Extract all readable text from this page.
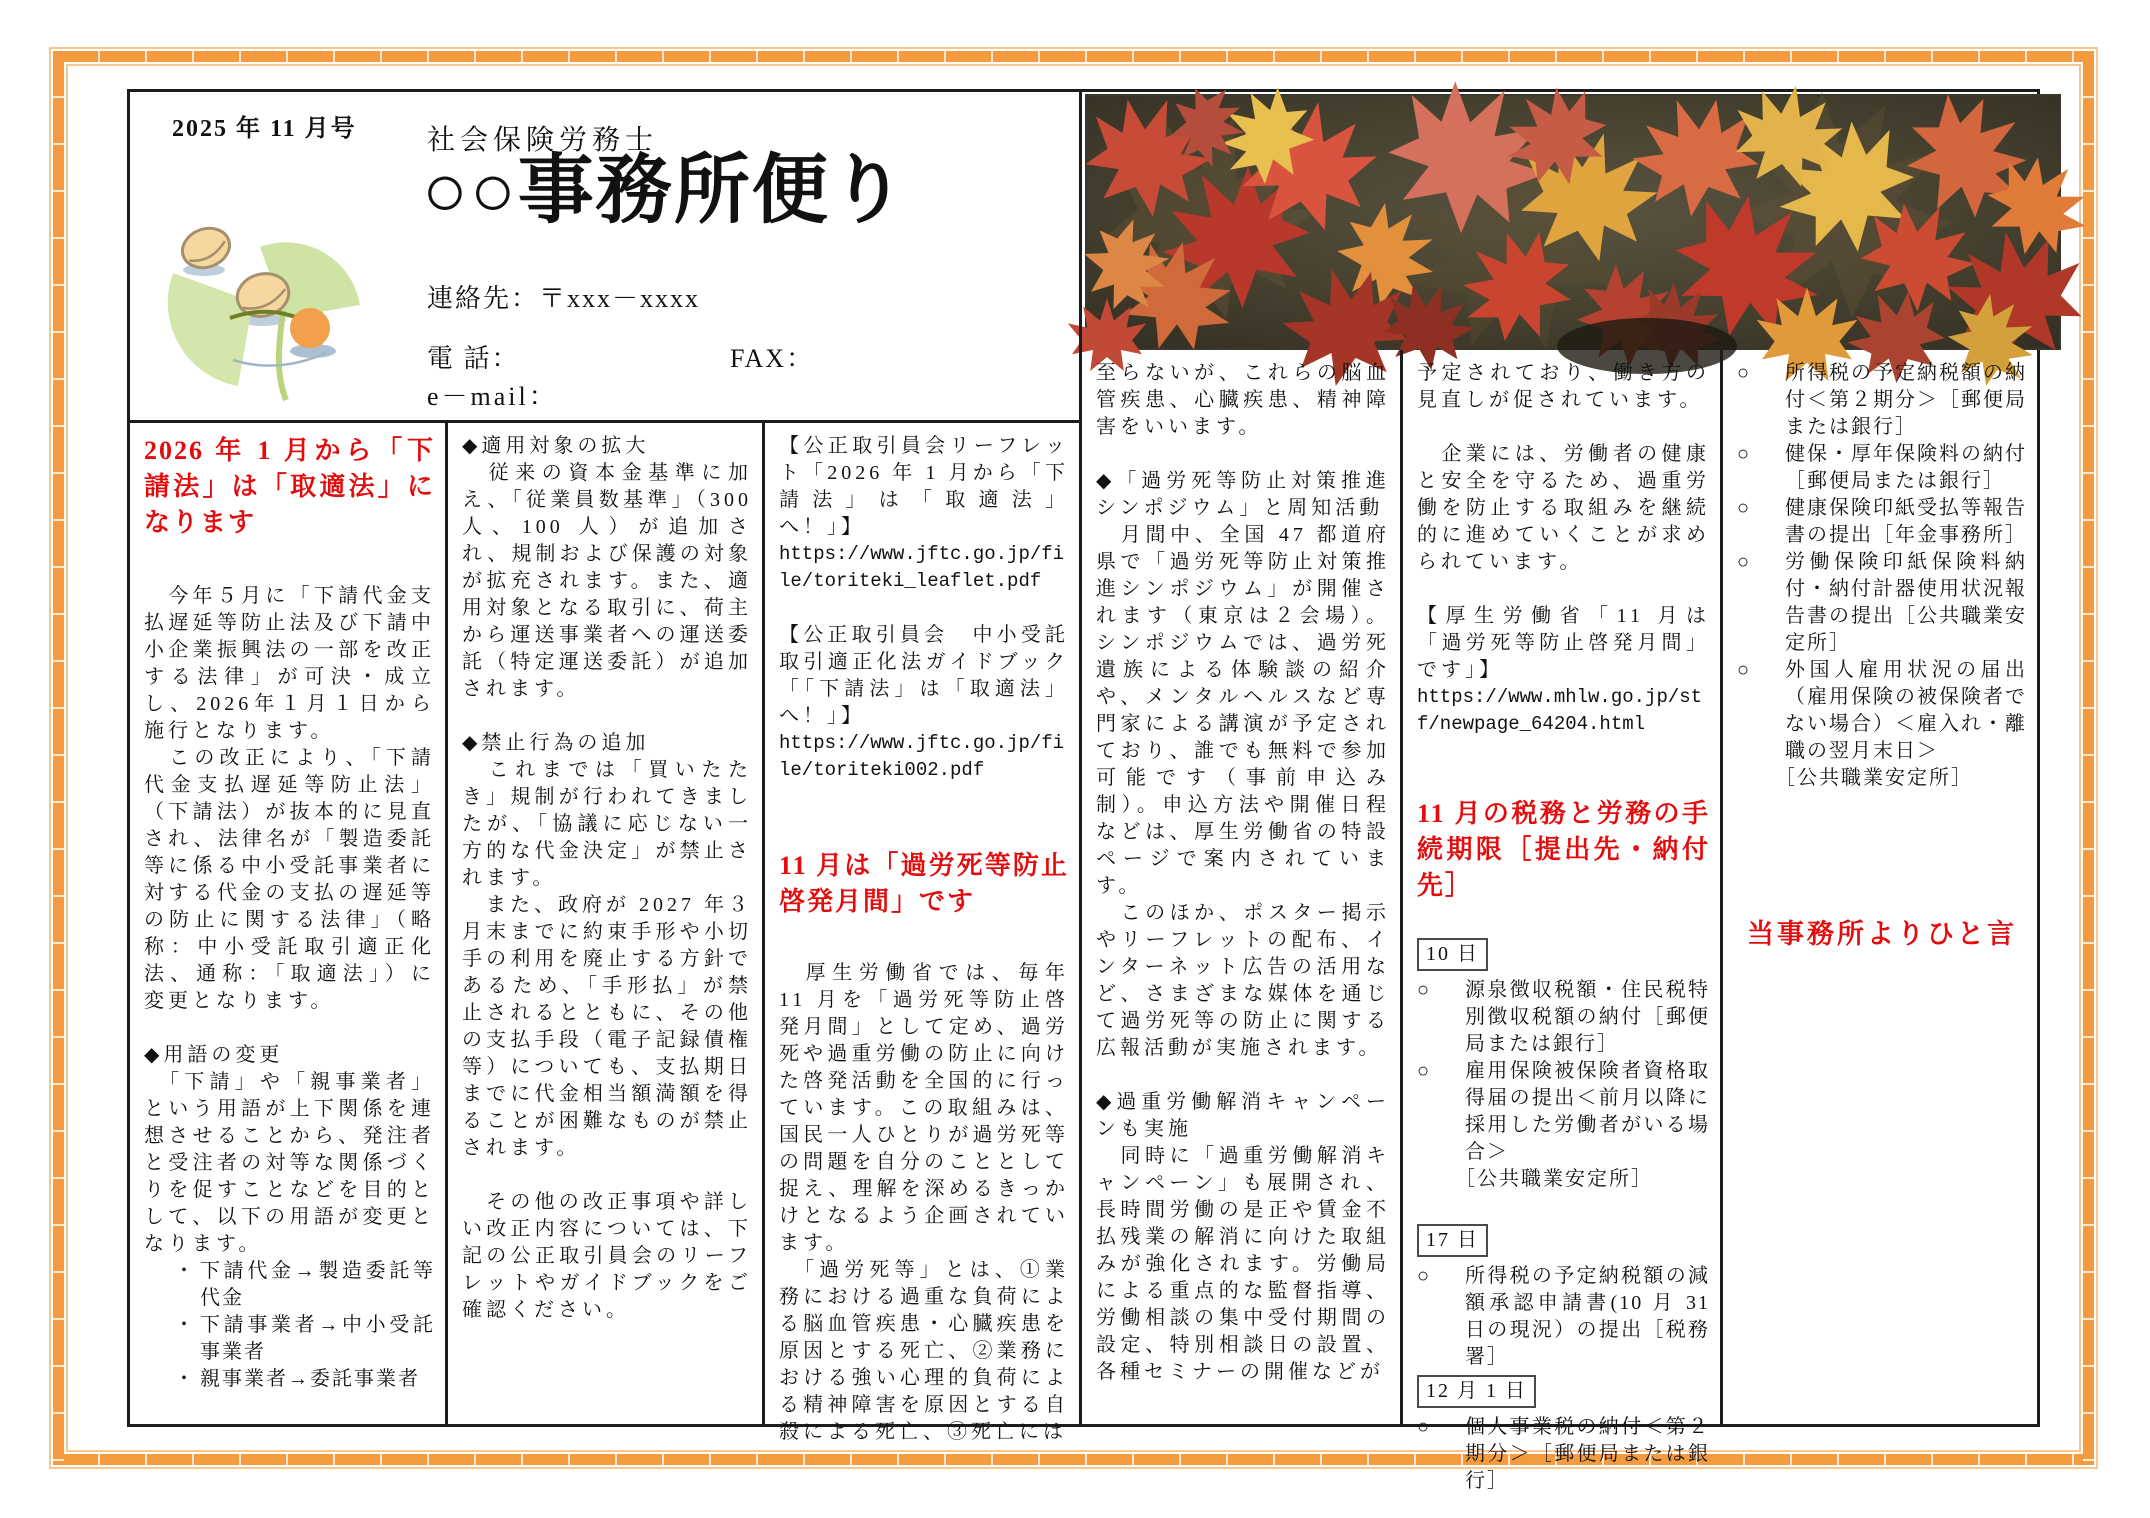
2025 年 11 月号	社会保険労務士
○○事務所便り
連絡先：〒xxx－xxxx
電 話：	FAX：
e－mail：

2026 年 1 月から「下請法」は「取適法」になります

　今年５月に「下請代金支払遅延等防止法及び下請中小企業振興法の一部を改正する法律」が可決・成立し、2026年１月１日から施行となります。

　この改正により、「下請代金支払遅延等防止法」（下請法）が抜本的に見直され、法律名が「製造委託等に係る中小受託事業者に対する代金の支払の遅延等の防止に関する法律」（略称：中小受託取引適正化法、通称：「取適法」）に変更となります。

◆用語の変更

　「下請」や「親事業者」という用語が上下関係を連想させることから、発注者と受注者の対等な関係づくりを促すことなどを目的として、以下の用語が変更となります。

・ 下請代金→製造委託等代金
・ 下請事業者→中小受託事業者
・ 親事業者→委託事業者

◆適用対象の拡大

　従来の資本金基準に加え、「従業員数基準」（300 人、100 人）が追加され、規制および保護の対象が拡充されます。また、適用対象となる取引に、荷主から運送事業者への運送委託（特定運送委託）が追加されます。

◆禁止行為の追加

　これまでは「買いたたき」規制が行われてきましたが、「協議に応じない一方的な代金決定」が禁止されます。

　また、政府が 2027 年３月末までに約束手形や小切手の利用を廃止する方針であるため、「手形払」が禁止されるとともに、その他の支払手段（電子記録債権等）についても、支払期日までに代金相当額満額を得ることが困難なものが禁止されます。

　その他の改正事項や詳しい改正内容については、下記の公正取引員会のリーフレットやガイドブックをご確認ください。

【公正取引員会リーフレット「2026 年 1 月から「下請法」は「取適法」へ！」】

https://www.jftc.go.jp/file/toriteki_leaflet.pdf

【公正取引員会　中小受託取引適正化法ガイドブック「「下請法」は「取適法」へ！」】

https://www.jftc.go.jp/file/toriteki002.pdf

11 月は「過労死等防止啓発月間」です

　厚生労働省では、毎年 11 月を「過労死等防止啓発月間」として定め、過労死や過重労働の防止に向けた啓発活動を全国的に行っています。この取組みは、国民一人ひとりが過労死等の問題を自分のこととして捉え、理解を深めるきっかけとなるよう企画されています。

　「過労死等」とは、①業務における過重な負荷による脳血管疾患・心臓疾患を原因とする死亡、②業務における強い心理的負荷による精神障害を原因とする自殺による死亡、③死亡には

至らないが、これらの脳血管疾患、心臓疾患、精神障害をいいます。

◆「過労死等防止対策推進シンポジウム」と周知活動

　月間中、全国 47 都道府県で「過労死等防止対策推進シンポジウム」が開催されます（東京は２会場）。シンポジウムでは、過労死遺族による体験談の紹介や、メンタルヘルスなど専門家による講演が予定されており、誰でも無料で参加可能です（事前申込み制）。申込方法や開催日程などは、厚生労働省の特設ページで案内されています。

　このほか、ポスター掲示やリーフレットの配布、インターネット広告の活用など、さまざまな媒体を通じて過労死等の防止に関する広報活動が実施されます。

◆過重労働解消キャンペーンも実施

　同時に「過重労働解消キャンペーン」も展開され、長時間労働の是正や賃金不払残業の解消に向けた取組みが強化されます。労働局による重点的な監督指導、労働相談の集中受付期間の設定、特別相談日の設置、各種セミナーの開催などが

予定されており、働き方の見直しが促されています。

　企業には、労働者の健康と安全を守るため、過重労働を防止する取組みを継続的に進めていくことが求められています。

【厚生労働省「11 月は「過労死等防止啓発月間」です」】

https://www.mhlw.go.jp/stf/newpage_64204.html

11 月の税務と労務の手続期限［提出先・納付先］

10 日
○	源泉徴収税額・住民税特別徴収税額の納付［郵便局または銀行］
○	雇用保険被保険者資格取得届の提出＜前月以降に採用した労働者がいる場合＞

［公共職業安定所］

17 日
○	所得税の予定納税額の減額承認申請書(10 月 31 日の現況）の提出［税務署］
12 月 1 日
○	個人事業税の納付＜第２期分＞［郵便局または銀行］
○	所得税の予定納税額の納付＜第２期分＞［郵便局または銀行］
○	健保・厚年保険料の納付［郵便局または銀行］
○	健康保険印紙受払等報告書の提出［年金事務所］
○	労働保険印紙保険料納付・納付計器使用状況報告書の提出［公共職業安定所］
○	外国人雇用状況の届出（雇用保険の被保険者でない場合）＜雇入れ・離職の翌月末日＞

［公共職業安定所］

当事務所よりひと言
